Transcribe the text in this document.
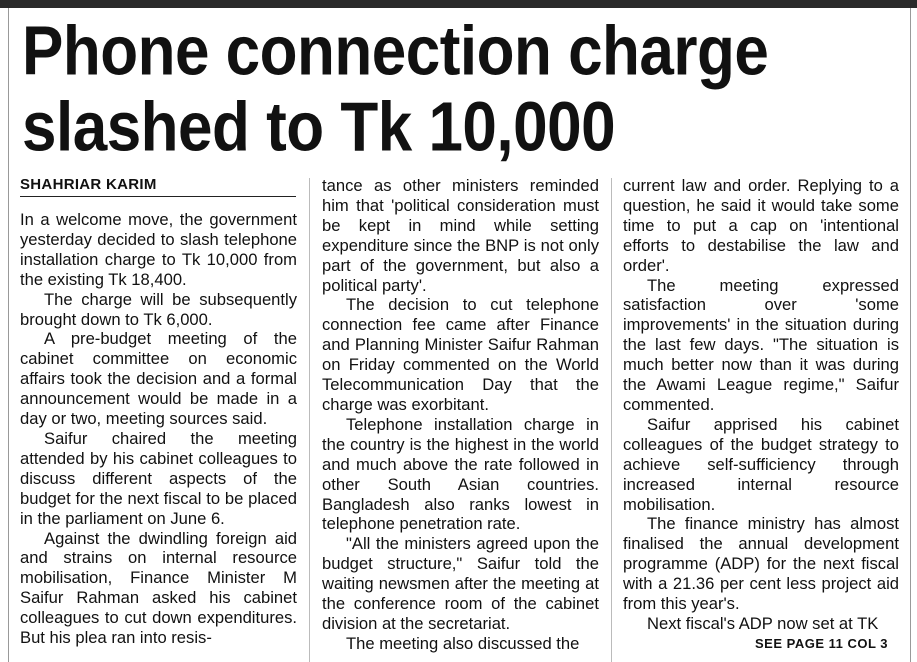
Phone connection charge
slashed to Tk 10,000
SHAHRIAR KARIM

In a welcome move, the government yesterday decided to slash telephone installation charge to Tk 10,000 from the existing Tk 18,400.

The charge will be subsequently brought down to Tk 6,000.

A pre-budget meeting of the cabinet committee on economic affairs took the decision and a formal announcement would be made in a day or two, meeting sources said.

Saifur chaired the meeting attended by his cabinet colleagues to discuss different aspects of the budget for the next fiscal to be placed in the parliament on June 6.

Against the dwindling foreign aid and strains on internal resource mobilisation, Finance Minister M Saifur Rahman asked his cabinet colleagues to cut down expenditures. But his plea ran into resis-

tance as other ministers reminded him that 'political consideration must be kept in mind while setting expenditure since the BNP is not only part of the government, but also a political party'.

The decision to cut telephone connection fee came after Finance and Planning Minister Saifur Rahman on Friday commented on the World Telecommunication Day that the charge was exorbitant.

Telephone installation charge in the country is the highest in the world and much above the rate followed in other South Asian countries. Bangladesh also ranks lowest in telephone penetration rate.

"All the ministers agreed upon the budget structure," Saifur told the waiting newsmen after the meeting at the conference room of the cabinet division at the secretariat.

The meeting also discussed the

current law and order. Replying to a question, he said it would take some time to put a cap on 'intentional efforts to destabilise the law and order'.

The meeting expressed satisfaction over 'some improvements' in the situation during the last few days. "The situation is much better now than it was during the Awami League regime," Saifur commented.

Saifur apprised his cabinet colleagues of the budget strategy to achieve self-sufficiency through increased internal resource mobilisation.

The finance ministry has almost finalised the annual development programme (ADP) for the next fiscal with a 21.36 per cent less project aid from this year's.

Next fiscal's ADP now set at TK

SEE PAGE 11 COL 3
